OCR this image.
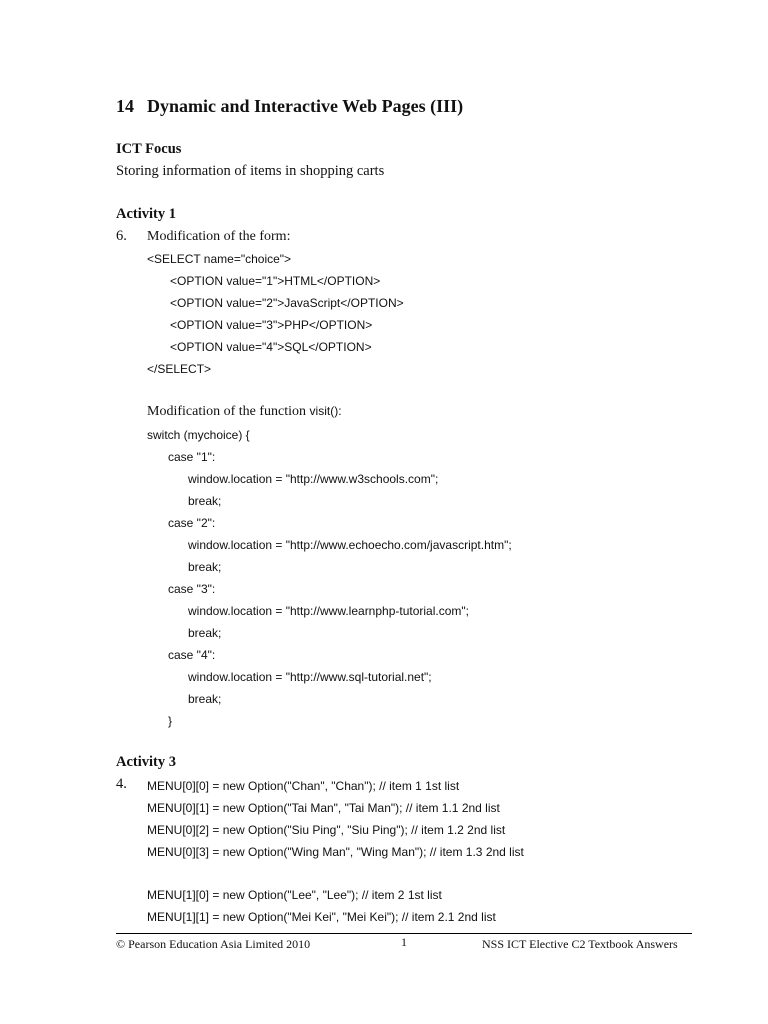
14 Dynamic and Interactive Web Pages (III)
ICT Focus
Storing information of items in shopping carts
Activity 1
6. Modification of the form:
<SELECT name="choice">
<OPTION value="1">HTML</OPTION>
<OPTION value="2">JavaScript</OPTION>
<OPTION value="3">PHP</OPTION>
<OPTION value="4">SQL</OPTION>
</SELECT>
Modification of the function visit():
switch (mychoice) {
case "1":
window.location = "http://www.w3schools.com";
break;
case "2":
window.location = "http://www.echoecho.com/javascript.htm";
break;
case "3":
window.location = "http://www.learnphp-tutorial.com";
break;
case "4":
window.location = "http://www.sql-tutorial.net";
break;
}
Activity 3
4. MENU[0][0] = new Option("Chan", "Chan"); // item 1 1st list
MENU[0][1] = new Option("Tai Man", "Tai Man"); // item 1.1 2nd list
MENU[0][2] = new Option("Siu Ping", "Siu Ping"); // item 1.2 2nd list
MENU[0][3] = new Option("Wing Man", "Wing Man"); // item 1.3 2nd list
MENU[1][0] = new Option("Lee", "Lee"); // item 2 1st list
MENU[1][1] = new Option("Mei Kei", "Mei Kei"); // item 2.1 2nd list
© Pearson Education Asia Limited 2010	1	NSS ICT Elective C2 Textbook Answers
